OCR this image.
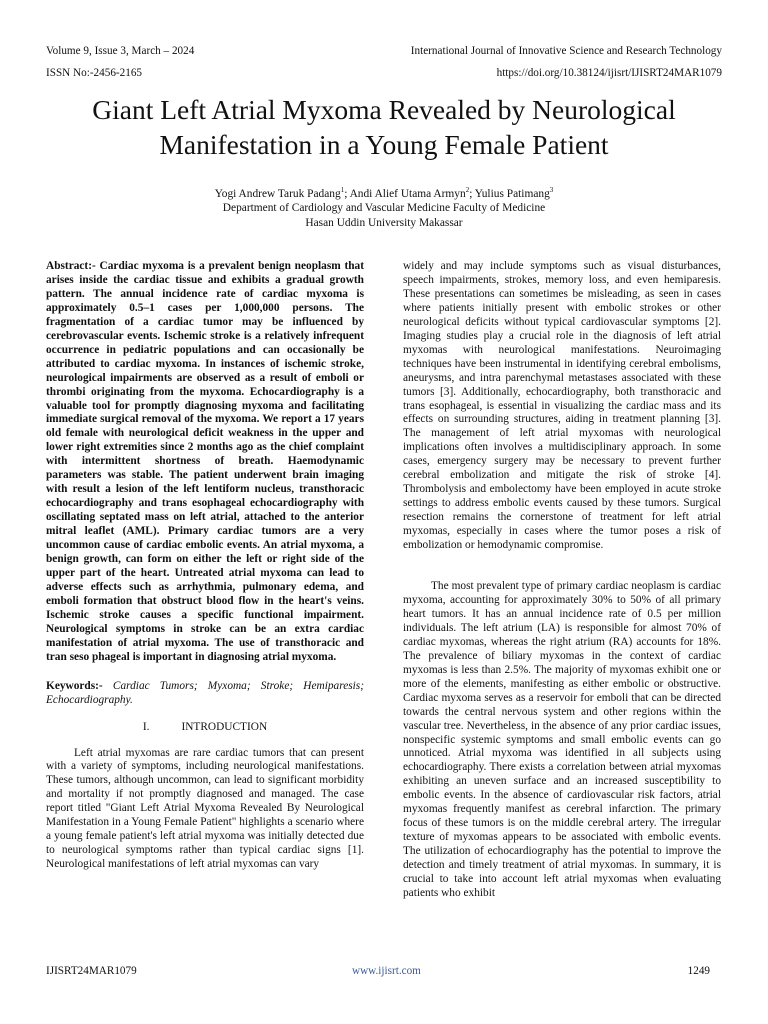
Volume 9, Issue 3, March – 2024	International Journal of Innovative Science and Research Technology
ISSN No:-2456-2165	https://doi.org/10.38124/ijisrt/IJISRT24MAR1079
Giant Left Atrial Myxoma Revealed by Neurological
Manifestation in a Young Female Patient
Yogi Andrew Taruk Padang$^1$; Andi Alief Utama Armyn$^2$; Yulius Patimang$^3$
Department of Cardiology and Vascular Medicine Faculty of Medicine
Hasan Uddin University Makassar

Abstract:- Cardiac myxoma is a prevalent benign neoplasm that arises inside the cardiac tissue and exhibits a gradual growth pattern. The annual incidence rate of cardiac myxoma is approximately 0.5–1 cases per 1,000,000 persons. The fragmentation of a cardiac tumor may be influenced by cerebrovascular events. Ischemic stroke is a relatively infrequent occurrence in pediatric populations and can occasionally be attributed to cardiac myxoma. In instances of ischemic stroke, neurological impairments are observed as a result of emboli or thrombi originating from the myxoma. Echocardiography is a valuable tool for promptly diagnosing myxoma and facilitating immediate surgical removal of the myxoma. We report a 17 years old female with neurological deficit weakness in the upper and lower right extremities since 2 months ago as the chief complaint with intermittent shortness of breath. Haemodynamic parameters was stable. The patient underwent brain imaging with result a lesion of the left lentiform nucleus, transthoracic echocardiography and trans esophageal echocardiography with oscillating septated mass on left atrial, attached to the anterior mitral leaflet (AML). Primary cardiac tumors are a very uncommon cause of cardiac embolic events. An atrial myxoma, a benign growth, can form on either the left or right side of the upper part of the heart. Untreated atrial myxoma can lead to adverse effects such as arrhythmia, pulmonary edema, and emboli formation that obstruct blood flow in the heart's veins. Ischemic stroke causes a specific functional impairment. Neurological symptoms in stroke can be an extra cardiac manifestation of atrial myxoma. The use of transthoracic and tran seso phageal is important in diagnosing atrial myxoma.

Keywords:- Cardiac Tumors; Myxoma; Stroke; Hemiparesis; Echocardiography.

I.	INTRODUCTION

Left atrial myxomas are rare cardiac tumors that can present with a variety of symptoms, including neurological manifestations. These tumors, although uncommon, can lead to significant morbidity and mortality if not promptly diagnosed and managed. The case report titled "Giant Left Atrial Myxoma Revealed By Neurological Manifestation in a Young Female Patient" highlights a scenario where a young female patient's left atrial myxoma was initially detected due to neurological symptoms rather than typical cardiac signs [1]. Neurological manifestations of left atrial myxomas can vary

widely and may include symptoms such as visual disturbances, speech impairments, strokes, memory loss, and even hemiparesis. These presentations can sometimes be misleading, as seen in cases where patients initially present with embolic strokes or other neurological deficits without typical cardiovascular symptoms [2]. Imaging studies play a crucial role in the diagnosis of left atrial myxomas with neurological manifestations. Neuroimaging techniques have been instrumental in identifying cerebral embolisms, aneurysms, and intra parenchymal metastases associated with these tumors [3]. Additionally, echocardiography, both transthoracic and trans esophageal, is essential in visualizing the cardiac mass and its effects on surrounding structures, aiding in treatment planning [3]. The management of left atrial myxomas with neurological implications often involves a multidisciplinary approach. In some cases, emergency surgery may be necessary to prevent further cerebral embolization and mitigate the risk of stroke [4]. Thrombolysis and embolectomy have been employed in acute stroke settings to address embolic events caused by these tumors. Surgical resection remains the cornerstone of treatment for left atrial myxomas, especially in cases where the tumor poses a risk of embolization or hemodynamic compromise.

The most prevalent type of primary cardiac neoplasm is cardiac myxoma, accounting for approximately 30% to 50% of all primary heart tumors. It has an annual incidence rate of 0.5 per million individuals. The left atrium (LA) is responsible for almost 70% of cardiac myxomas, whereas the right atrium (RA) accounts for 18%. The prevalence of biliary myxomas in the context of cardiac myxomas is less than 2.5%. The majority of myxomas exhibit one or more of the elements, manifesting as either embolic or obstructive. Cardiac myxoma serves as a reservoir for emboli that can be directed towards the central nervous system and other regions within the vascular tree. Nevertheless, in the absence of any prior cardiac issues, nonspecific systemic symptoms and small embolic events can go unnoticed. Atrial myxoma was identified in all subjects using echocardiography. There exists a correlation between atrial myxomas exhibiting an uneven surface and an increased susceptibility to embolic events. In the absence of cardiovascular risk factors, atrial myxomas frequently manifest as cerebral infarction. The primary focus of these tumors is on the middle cerebral artery. The irregular texture of myxomas appears to be associated with embolic events. The utilization of echocardiography has the potential to improve the detection and timely treatment of atrial myxomas. In summary, it is crucial to take into account left atrial myxomas when evaluating patients who exhibit

IJISRT24MAR1079	www.ijisrt.com	1249
